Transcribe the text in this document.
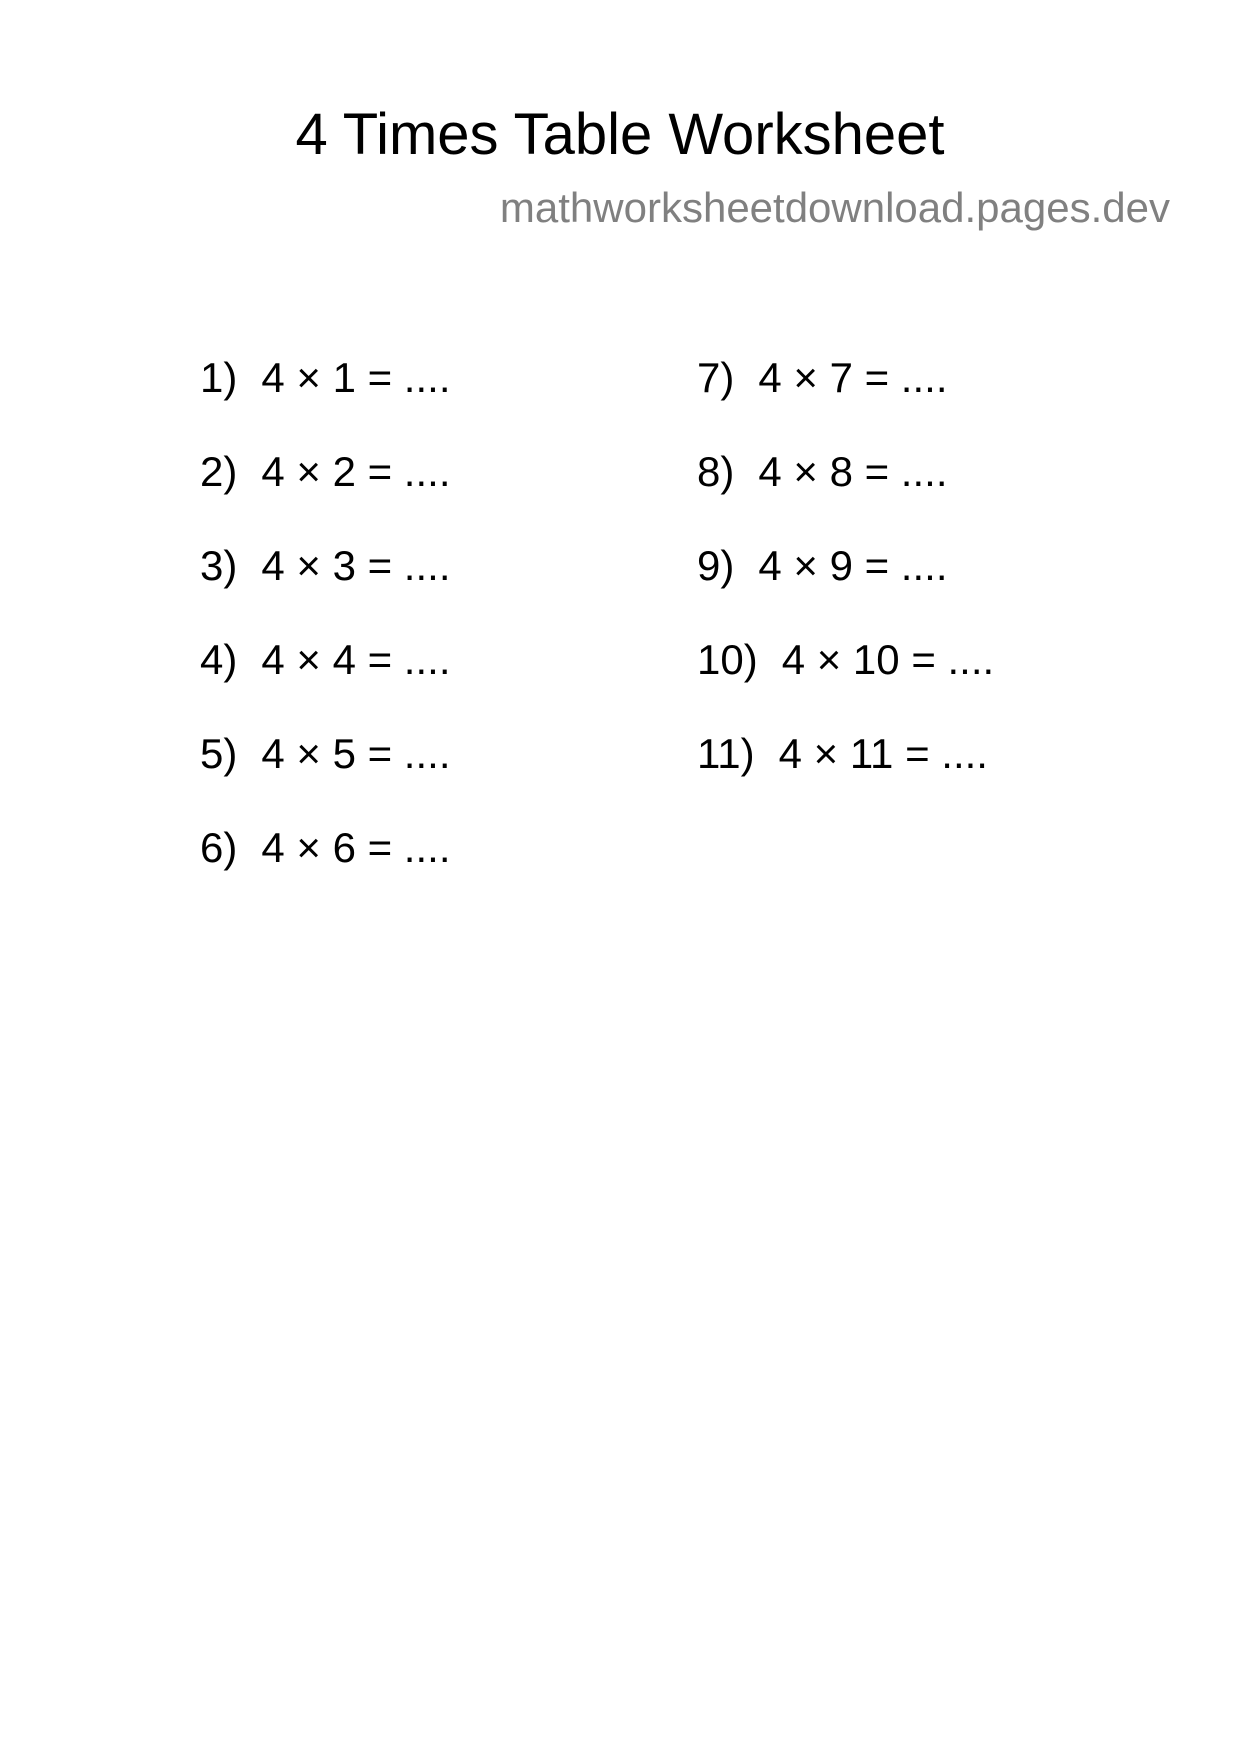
4 Times Table Worksheet
mathworksheetdownload.pages.dev
1) 4 × 1 = ....
2) 4 × 2 = ....
3) 4 × 3 = ....
4) 4 × 4 = ....
5) 4 × 5 = ....
6) 4 × 6 = ....
7) 4 × 7 = ....
8) 4 × 8 = ....
9) 4 × 9 = ....
10) 4 × 10 = ....
11) 4 × 11 = ....
